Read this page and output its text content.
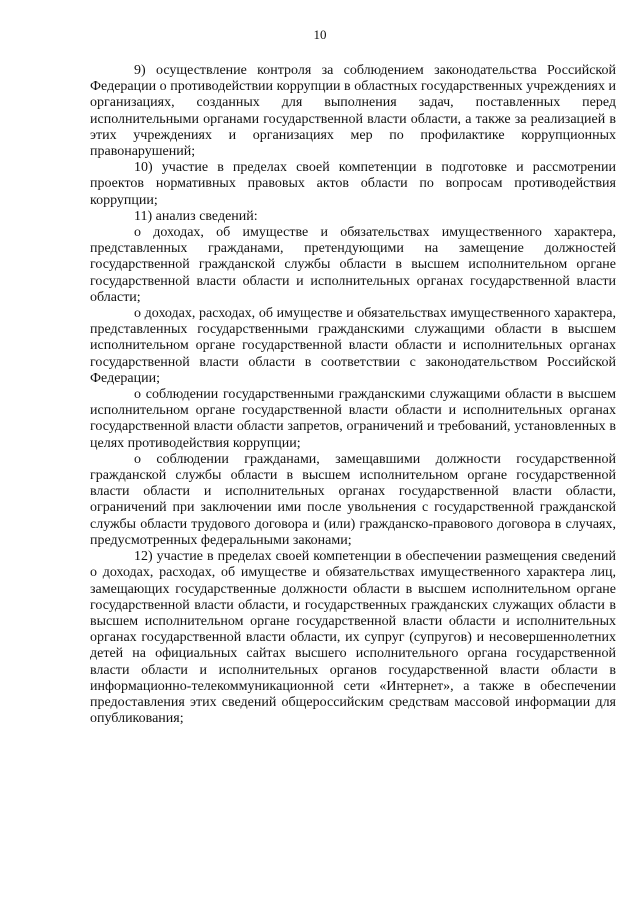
10

9) осуществление контроля за соблюдением законодательства Российской Федерации о противодействии коррупции в областных государственных учреждениях и организациях, созданных для выполнения задач, поставленных перед исполнительными органами государственной власти области, а также за реализацией в этих учреждениях и организациях мер по профилактике коррупционных правонарушений;

10) участие в пределах своей компетенции в подготовке и рассмотрении проектов нормативных правовых актов области по вопросам противодействия коррупции;

11) анализ сведений:

о доходах, об имуществе и обязательствах имущественного характера, представленных гражданами, претендующими на замещение должностей государственной гражданской службы области в высшем исполнительном органе государственной власти области и исполнительных органах государственной власти области;

о доходах, расходах, об имуществе и обязательствах имущественного характера, представленных государственными гражданскими служащими области в высшем исполнительном органе государственной власти области и исполнительных органах государственной власти области в соответствии с законодательством Российской Федерации;

о соблюдении государственными гражданскими служащими области в высшем исполнительном органе государственной власти области и исполнительных органах государственной власти области запретов, ограничений и требований, установленных в целях противодействия коррупции;

о соблюдении гражданами, замещавшими должности государственной гражданской службы области в высшем исполнительном органе государственной власти области и исполнительных органах государственной власти области, ограничений при заключении ими после увольнения с государственной гражданской службы области трудового договора и (или) гражданско-правового договора в случаях, предусмотренных федеральными законами;

12) участие в пределах своей компетенции в обеспечении размещения сведений о доходах, расходах, об имуществе и обязательствах имущественного характера лиц, замещающих государственные должности области в высшем исполнительном органе государственной власти области, и государственных гражданских служащих области в высшем исполнительном органе государственной власти области и исполнительных органах государственной власти области, их супруг (супругов) и несовершеннолетних детей на официальных сайтах высшего исполнительного органа государственной власти области и исполнительных органов государственной власти области в информационно-телекоммуникационной сети «Интернет», а также в обеспечении предоставления этих сведений общероссийским средствам массовой информации для опубликования;
